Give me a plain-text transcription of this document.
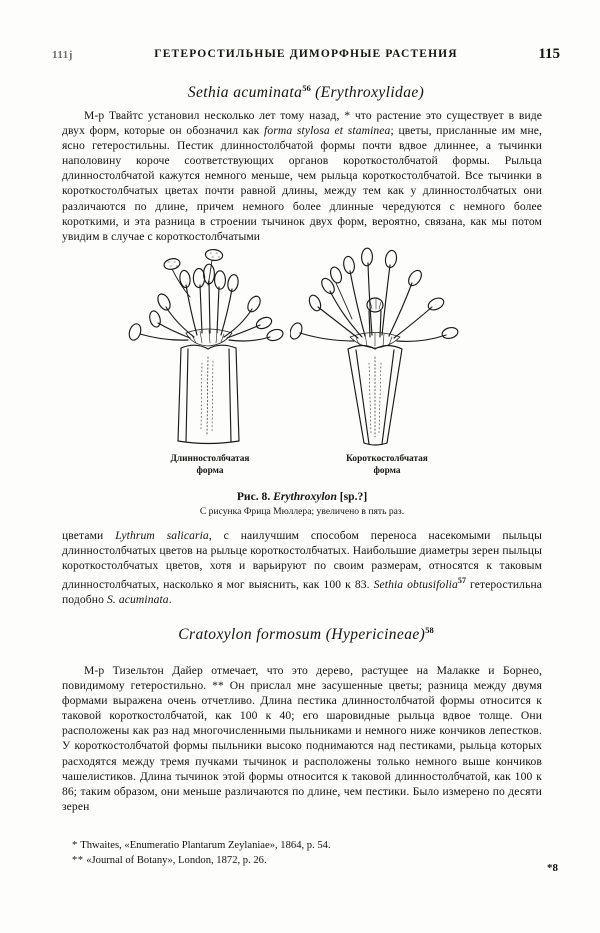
111j	ГЕТЕРОСТИЛЬНЫЕ ДИМОРФНЫЕ РАСТЕНИЯ	115
Sethia acuminata$^{56}$ (Erythroxylidae)

М-р Твайтс установил несколько лет тому назад, * что растение это существует в виде двух форм, которые он обозначил как forma stylosa et staminea; цветы, присланные им мне, ясно гетеростильны. Пестик длинностолбчатой формы почти вдвое длиннее, а тычинки наполовину короче соответствующих органов короткостолбчатой формы. Рыльца длинностолбчатой кажутся немного меньше, чем рыльца короткостолбчатой. Все тычинки в короткостолбчатых цветах почти равной длины, между тем как у длинностолбчатых они различаются по длине, причем немного более длинные чередуются с немного более короткими, и эта разница в строении тычинок двух форм, вероятно, связана, как мы потом увидим в случае с короткостолбчатыми

Длинностолбчатая
форма
Короткостолбчатая
форма
Рис. 8. Erythroxylon [sp.?]
С рисунка Фрица Мюллера; увеличено в пять раз.

цветами Lythrum salicaria, с наилучшим способом переноса насекомыми пыльцы длинностолбчатых цветов на рыльце короткостолбчатых. Наибольшие диаметры зерен пыльцы короткостолбчатых цветов, хотя и варьируют по своим размерам, относятся к таковым длинностолбчатых, насколько я мог выяснить, как 100 к 83. Sethia obtusifolia$^{57}$ гетеростильна подобно S. acuminata.

Cratoxylon formosum (Hypericineae)$^{58}$

М-р Тизельтон Дайер отмечает, что это дерево, растущее на Малакке и Борнео, повидимому гетеростильно. ** Он прислал мне засушенные цветы; разница между двумя формами выражена очень отчетливо. Длина пестика длинностолбчатой формы относится к таковой короткостолбчатой, как 100 к 40; его шаровидные рыльца вдвое толще. Они расположены как раз над многочисленными пыльниками и немного ниже кончиков лепестков. У короткостолбчатой формы пыльники высоко поднимаются над пестиками, рыльца которых расходятся между тремя пучками тычинок и расположены только немного выше кончиков чашелистиков. Длина тычинок этой формы относится к таковой длинностолбчатой, как 100 к 86; таким образом, они меньше различаются по длине, чем пестики. Было измерено по десяти зерен

* Thwaites, «Enumeratio Plantarum Zeylaniae», 1864, p. 54.
** «Journal of Botany», London, 1872, p. 26.
*8
